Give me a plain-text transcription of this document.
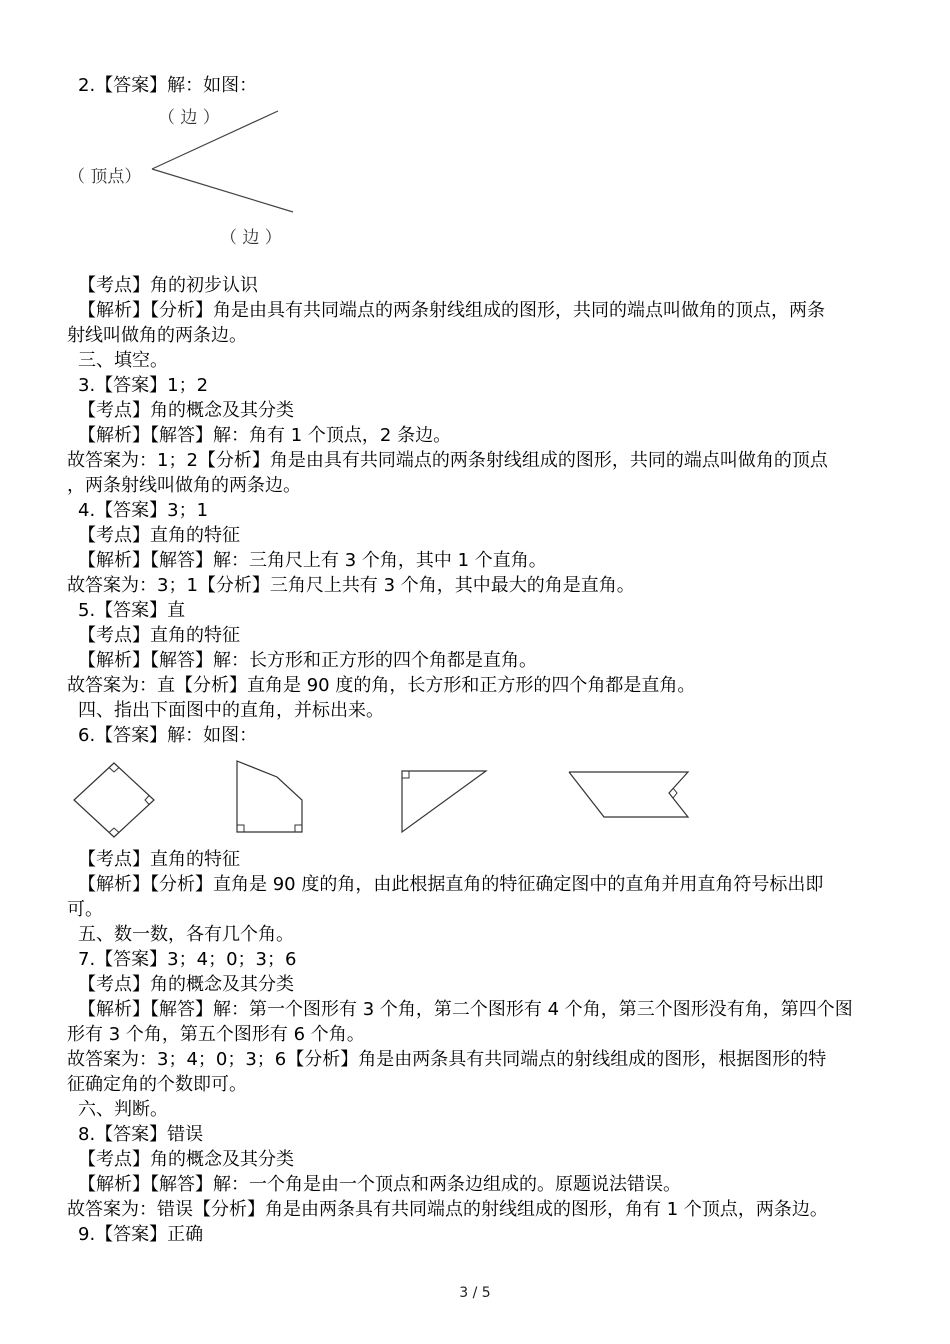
2.【答案】解：如图：
（ 边 ）
（ 顶点）
（ 边 ）
【考点】角的初步认识
【解析】【分析】角是由具有共同端点的两条射线组成的图形，共同的端点叫做角的顶点，两条
射线叫做角的两条边。
三、填空。
3.【答案】1；2
【考点】角的概念及其分类
【解析】【解答】解：角有 1 个顶点，2 条边。
故答案为：1；2【分析】角是由具有共同端点的两条射线组成的图形，共同的端点叫做角的顶点
，两条射线叫做角的两条边。
4.【答案】3；1
【考点】直角的特征
【解析】【解答】解：三角尺上有 3 个角，其中 1 个直角。
故答案为：3；1【分析】三角尺上共有 3 个角，其中最大的角是直角。
5.【答案】直
【考点】直角的特征
【解析】【解答】解：长方形和正方形的四个角都是直角。
故答案为：直【分析】直角是 90 度的角，长方形和正方形的四个角都是直角。
四、指出下面图中的直角，并标出来。
6.【答案】解：如图：
【考点】直角的特征
【解析】【分析】直角是 90 度的角，由此根据直角的特征确定图中的直角并用直角符号标出即
可。
五、数一数，各有几个角。
7.【答案】3；4；0；3；6
【考点】角的概念及其分类
【解析】【解答】解：第一个图形有 3 个角，第二个图形有 4 个角，第三个图形没有角，第四个图
形有 3 个角，第五个图形有 6 个角。
故答案为：3；4；0；3；6【分析】角是由两条具有共同端点的射线组成的图形，根据图形的特
征确定角的个数即可。
六、判断。
8.【答案】错误
【考点】角的概念及其分类
【解析】【解答】解：一个角是由一个顶点和两条边组成的。原题说法错误。
故答案为：错误【分析】角是由两条具有共同端点的射线组成的图形，角有 1 个顶点，两条边。
9.【答案】正确
3 / 5
